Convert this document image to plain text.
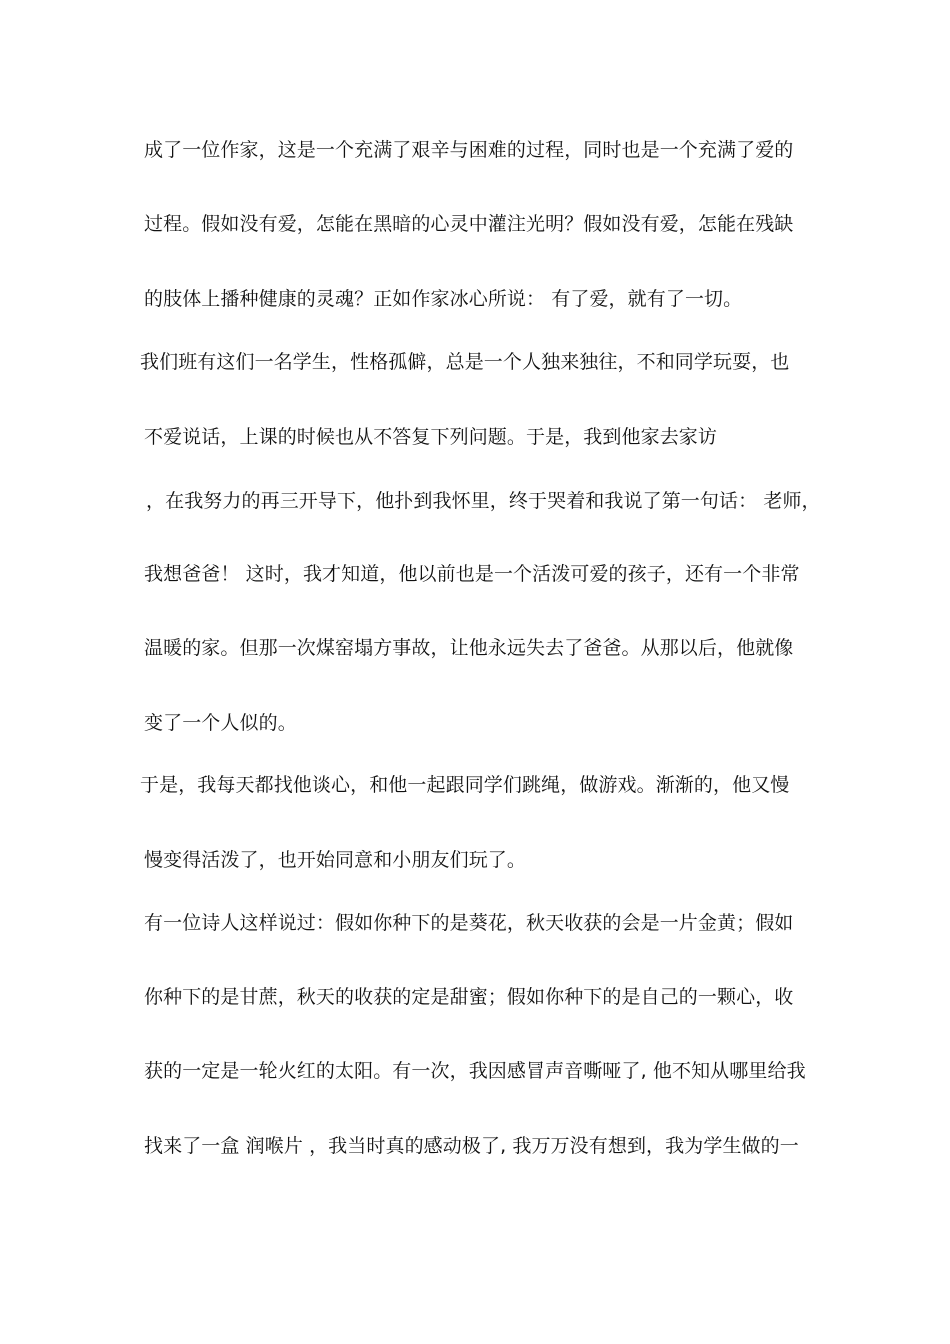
成了一位作家，这是一个充满了艰辛与困难的过程，同时也是一个充满了爱的
过程。假如没有爱，怎能在黑暗的心灵中灌注光明？假如没有爱，怎能在残缺
的肢体上播种健康的灵魂？正如作家冰心所说： 有了爱，就有了一切。
我们班有这们一名学生，性格孤僻，总是一个人独来独往，不和同学玩耍，也
不爱说话，上课的时候也从不答复下列问题。于是，我到他家去家访
，在我努力的再三开导下，他扑到我怀里，终于哭着和我说了第一句话： 老师，
我想爸爸！ 这时，我才知道，他以前也是一个活泼可爱的孩子，还有一个非常
温暖的家。但那一次煤窑塌方事故，让他永远失去了爸爸。从那以后，他就像
变了一个人似的。
于是，我每天都找他谈心，和他一起跟同学们跳绳，做游戏。渐渐的，他又慢
慢变得活泼了，也开始同意和小朋友们玩了。
有一位诗人这样说过：假如你种下的是葵花，秋天收获的会是一片金黄；假如
你种下的是甘蔗，秋天的收获的定是甜蜜；假如你种下的是自己的一颗心，收
获的一定是一轮火红的太阳。有一次，我因感冒声音嘶哑了, 他不知从哪里给我
找来了一盒 润喉片 ，我当时真的感动极了, 我万万没有想到，我为学生做的一
